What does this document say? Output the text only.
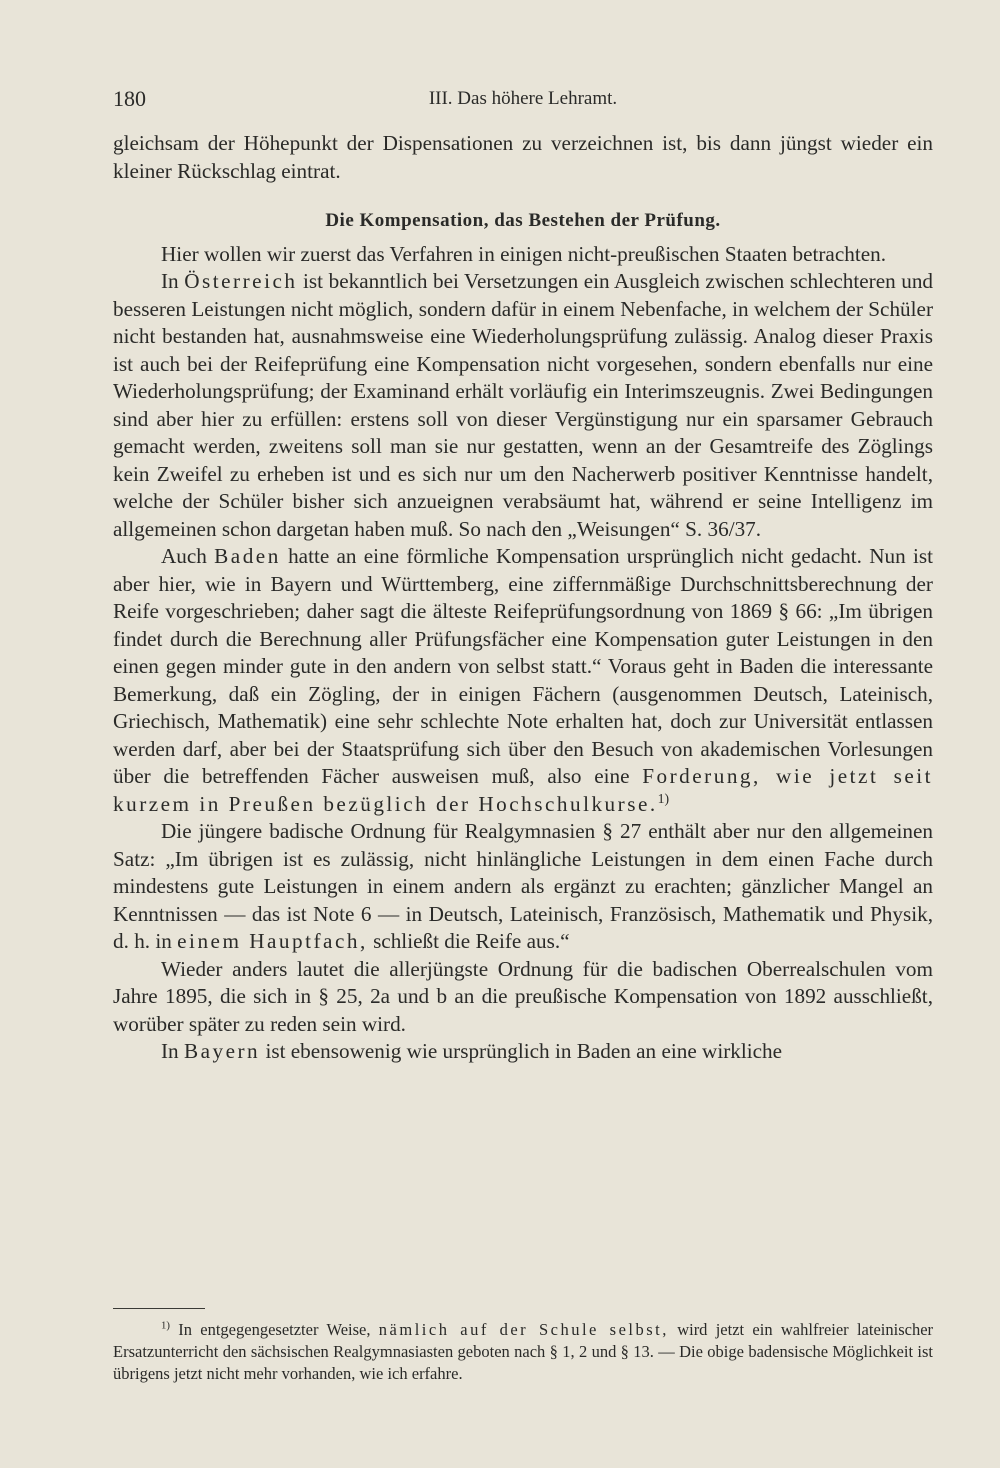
180	III. Das höhere Lehramt.

gleichsam der Höhepunkt der Dispensationen zu verzeichnen ist, bis dann jüngst wieder ein kleiner Rückschlag eintrat.

Die Kompensation, das Bestehen der Prüfung.

Hier wollen wir zuerst das Verfahren in einigen nicht-preußischen Staaten betrachten.

In Österreich ist bekanntlich bei Versetzungen ein Ausgleich zwischen schlechteren und besseren Leistungen nicht möglich, sondern dafür in einem Nebenfache, in welchem der Schüler nicht bestanden hat, ausnahmsweise eine Wiederholungsprüfung zulässig. Analog dieser Praxis ist auch bei der Reifeprüfung eine Kompensation nicht vorgesehen, sondern ebenfalls nur eine Wiederholungsprüfung; der Examinand erhält vorläufig ein Interimszeugnis. Zwei Bedingungen sind aber hier zu erfüllen: erstens soll von dieser Vergünstigung nur ein sparsamer Gebrauch gemacht werden, zweitens soll man sie nur gestatten, wenn an der Gesamtreife des Zöglings kein Zweifel zu erheben ist und es sich nur um den Nacherwerb positiver Kenntnisse handelt, welche der Schüler bisher sich anzueignen verabsäumt hat, während er seine Intelligenz im allgemeinen schon dargetan haben muß. So nach den „Weisungen“ S. 36/37.

Auch Baden hatte an eine förmliche Kompensation ursprünglich nicht gedacht. Nun ist aber hier, wie in Bayern und Württemberg, eine ziffernmäßige Durchschnittsberechnung der Reife vorgeschrieben; daher sagt die älteste Reifeprüfungsordnung von 1869 § 66: „Im übrigen findet durch die Berechnung aller Prüfungsfächer eine Kompensation guter Leistungen in den einen gegen minder gute in den andern von selbst statt.“ Voraus geht in Baden die interessante Bemerkung, daß ein Zögling, der in einigen Fächern (ausgenommen Deutsch, Lateinisch, Griechisch, Mathematik) eine sehr schlechte Note erhalten hat, doch zur Universität entlassen werden darf, aber bei der Staatsprüfung sich über den Besuch von akademischen Vorlesungen über die betreffenden Fächer ausweisen muß, also eine Forderung, wie jetzt seit kurzem in Preußen bezüglich der Hochschulkurse.$^{1)}$

Die jüngere badische Ordnung für Realgymnasien § 27 enthält aber nur den allgemeinen Satz: „Im übrigen ist es zulässig, nicht hinlängliche Leistungen in dem einen Fache durch mindestens gute Leistungen in einem andern als ergänzt zu erachten; gänzlicher Mangel an Kenntnissen — das ist Note 6 — in Deutsch, Lateinisch, Französisch, Mathematik und Physik, d. h. in einem Hauptfach, schließt die Reife aus.“

Wieder anders lautet die allerjüngste Ordnung für die badischen Oberrealschulen vom Jahre 1895, die sich in § 25, 2a und b an die preußische Kompensation von 1892 ausschließt, worüber später zu reden sein wird.

In Bayern ist ebensowenig wie ursprünglich in Baden an eine wirkliche

$^{1)}$ In entgegengesetzter Weise, nämlich auf der Schule selbst, wird jetzt ein wahlfreier lateinischer Ersatzunterricht den sächsischen Realgymnasiasten geboten nach § 1, 2 und § 13. — Die obige badensische Möglichkeit ist übrigens jetzt nicht mehr vorhanden, wie ich erfahre.
